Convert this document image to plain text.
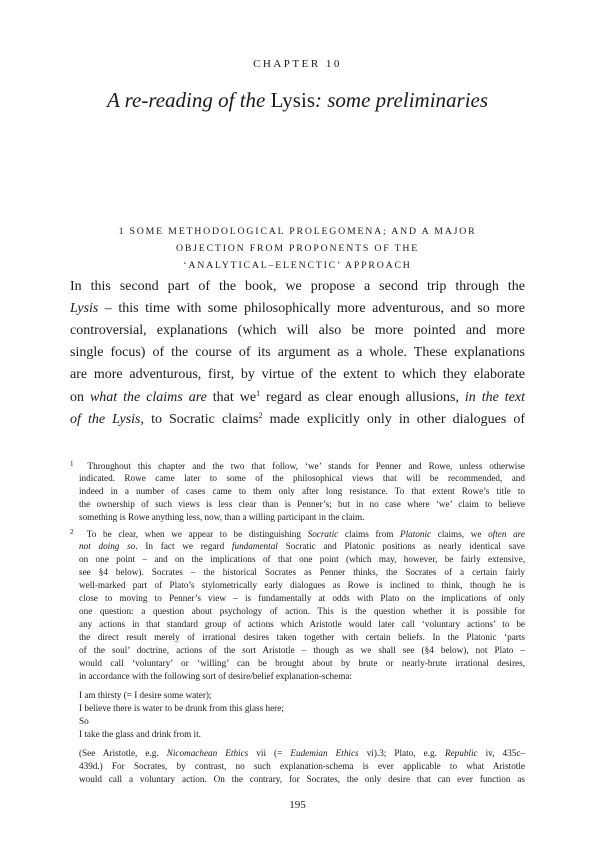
CHAPTER 10
A re-reading of the Lysis: some preliminaries
1 SOME METHODOLOGICAL PROLEGOMENA; AND A MAJOR
OBJECTION FROM PROPONENTS OF THE
‘ANALYTICAL–ELENCTIC’ APPROACH
In this second part of the book, we propose a second trip through the
Lysis – this time with some philosophically more adventurous, and so more
controversial, explanations (which will also be more pointed and more
single focus) of the course of its argument as a whole. These explanations
are more adventurous, first, by virtue of the extent to which they elaborate
on what the claims are that $we^1$ regard as clear enough allusions, in the text
of the Lysis, to Socratic claims$^2$ made explicitly only in other dialogues of
$^1$ Throughout this chapter and the two that follow, ‘we’ stands for Penner and Rowe, unless otherwise
indicated. Rowe came later to some of the philosophical views that will be recommended, and
indeed in a number of cases came to them only after long resistance. To that extent Rowe’s title to
the ownership of such views is less clear than is Penner’s; but in no case where ‘we’ claim to believe
something is Rowe anything less, now, than a willing participant in the claim.
$^2$ To be clear, when we appear to be distinguishing Socratic claims from Platonic claims, we often are
not doing so. In fact we regard fundamental Socratic and Platonic positions as nearly identical save
on one point – and on the implications of that one point (which may, however, be fairly extensive,
see §4 below). Socrates – the historical Socrates as Penner thinks, the Socrates of a certain fairly
well-marked part of Plato’s stylometrically early dialogues as Rowe is inclined to think, though he is
close to moving to Penner’s view – is fundamentally at odds with Plato on the implications of only
one question: a question about psychology of action. This is the question whether it is possible for
any actions in that standard group of actions which Aristotle would later call ‘voluntary actions’ to be
the direct result merely of irrational desires taken together with certain beliefs. In the Platonic ‘parts
of the soul’ doctrine, actions of the sort Aristotle – though as we shall see (§4 below), not Plato –
would call ‘voluntary’ or ‘willing’ can be brought about by brute or nearly-brute irrational desires,
in accordance with the following sort of desire/belief explanation-schema:
I am thirsty (= I desire some water);
I believe there is water to be drunk from this glass here;
So
I take the glass and drink from it.
(See Aristotle, e.g. Nicomachean Ethics vii (= Eudemian Ethics vi).3; Plato, e.g. Republic iv, 435c–
439d.) For Socrates, by contrast, no such explanation-schema is ever applicable to what Aristotle
would call a voluntary action. On the contrary, for Socrates, the only desire that can ever function as
195
